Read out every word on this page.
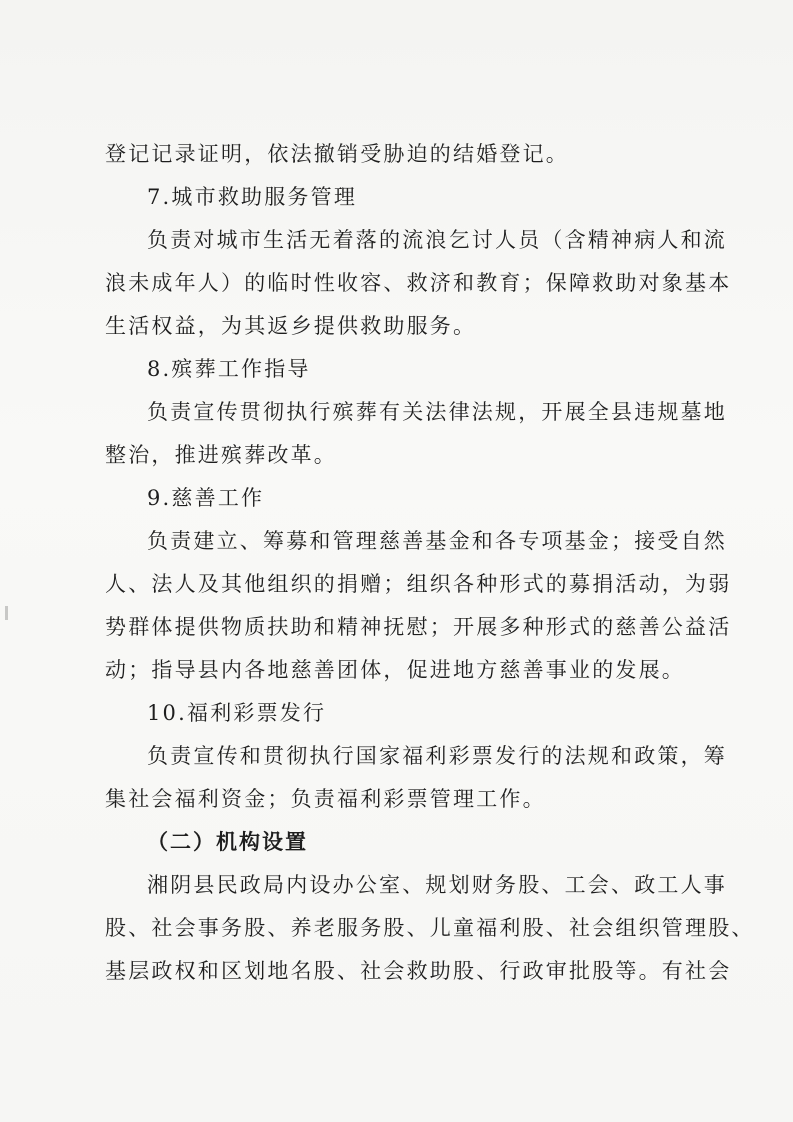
登记记录证明，依法撤销受胁迫的结婚登记。
7.城市救助服务管理
负责对城市生活无着落的流浪乞讨人员（含精神病人和流
浪未成年人）的临时性收容、救济和教育；保障救助对象基本
生活权益，为其返乡提供救助服务。
8.殡葬工作指导
负责宣传贯彻执行殡葬有关法律法规，开展全县违规墓地
整治，推进殡葬改革。
9.慈善工作
负责建立、筹募和管理慈善基金和各专项基金；接受自然
人、法人及其他组织的捐赠；组织各种形式的募捐活动，为弱
势群体提供物质扶助和精神抚慰；开展多种形式的慈善公益活
动；指导县内各地慈善团体，促进地方慈善事业的发展。
10.福利彩票发行
负责宣传和贯彻执行国家福利彩票发行的法规和政策，筹
集社会福利资金；负责福利彩票管理工作。
（二）机构设置
湘阴县民政局内设办公室、规划财务股、工会、政工人事
股、社会事务股、养老服务股、儿童福利股、社会组织管理股、
基层政权和区划地名股、社会救助股、行政审批股等。有社会
